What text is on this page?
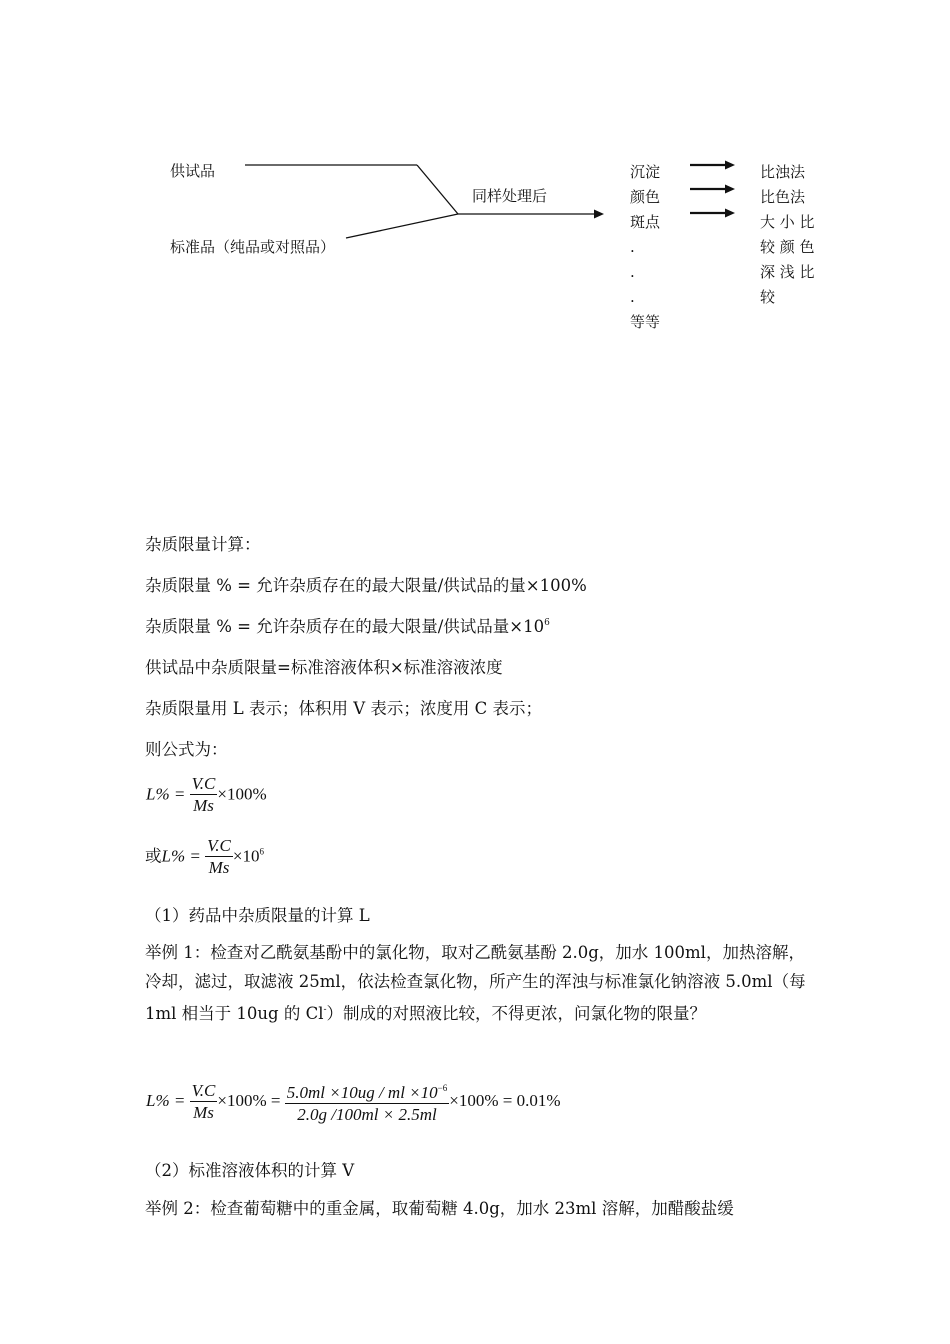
供试品
标准品（纯品或对照品）
同样处理后
沉淀
颜色
斑点
.
.
.
等等
比浊法
比色法
大 小 比
较 颜 色
深 浅 比
较
杂质限量计算：
杂质限量 % = 允许杂质存在的最大限量/供试品的量×100%
杂质限量 % = 允许杂质存在的最大限量/供试品量$\times 10^6$
供试品中杂质限量=标准溶液体积×标准溶液浓度
杂质限量用 L 表示；体积用 V 表示；浓度用 C 表示；
则公式为：
$L\% = \frac{V.C}{Ms} \times 100\%$
或$L\% = \frac{V.C}{Ms} \times 10^6$
（1）药品中杂质限量的计算 L
举例 1：检查对乙酰氨基酚中的氯化物，取对乙酰氨基酚 2.0g，加水 100ml，加热溶解，冷却，滤过，取滤液 25ml，依法检查氯化物，所产生的浑浊与标准氯化钠溶液 5.0ml（每 1ml 相当于 10ug 的 Cl-）制成的对照液比较，不得更浓，问氯化物的限量？
$L\% = \frac{V.C}{Ms} \times 100\% = \frac{5.0ml \times 10ug / ml \times 10^{-6}}{2.0g /100ml \times 2.5ml} \times 100\% = 0.01\%$
（2）标准溶液体积的计算 V
举例 2：检查葡萄糖中的重金属，取葡萄糖 4.0g，加水 23ml 溶解，加醋酸盐缓
